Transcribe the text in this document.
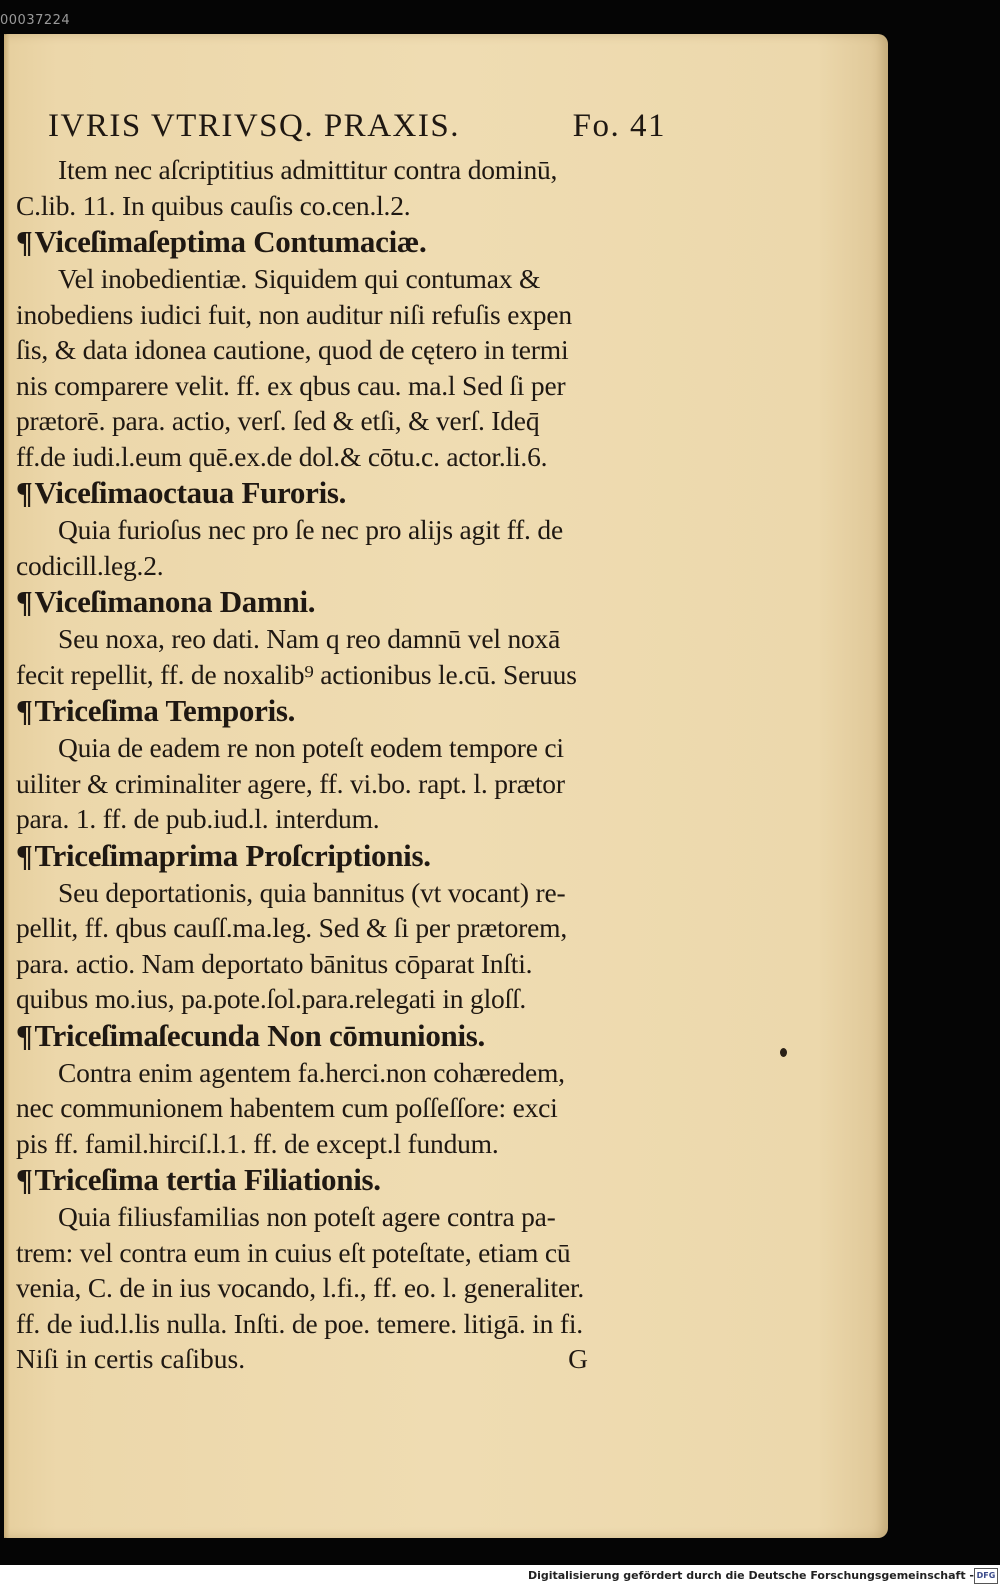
00037224
IVRIS VTRIVSQ. PRAXIS.	Fo. 41
Item nec aſcriptitius admittitur contra dominū,
C.lib. 11. In quibus cauſis co.cen.l.2.
¶Viceſimaſeptima Contumaciæ.
Vel inobedientiæ. Siquidem qui contumax &
inobediens iudici fuit, non auditur niſi refuſis expen
ſis, & data idonea cautione, quod de cętero in termi
nis comparere velit. ff. ex qbus cau. ma.l Sed ſi per
prætorē. para. actio, verſ. ſed & etſi, & verſ. Ideq̄
ff.de iudi.l.eum quē.ex.de dol.& cōtu.c. actor.li.6.
¶Viceſimaoctaua Furoris.
Quia furioſus nec pro ſe nec pro alijs agit ff. de
codicill.leg.2.
¶Viceſimanona Damni.
Seu noxa, reo dati. Nam q reo damnū vel noxā
fecit repellit, ff. de noxalib⁹ actionibus le.cū. Seruus
¶Triceſima Temporis.
Quia de eadem re non poteſt eodem tempore ci
uiliter & criminaliter agere, ff. vi.bo. rapt. l. prætor
para. 1. ff. de pub.iud.l. interdum.
¶Triceſimaprima Proſcriptionis.
Seu deportationis, quia bannitus (vt vocant) re-
pellit, ff. qbus cauſſ.ma.leg. Sed & ſi per prætorem,
para. actio. Nam deportato bānitus cōparat Inſti.
quibus mo.ius, pa.pote.ſol.para.relegati in gloſſ.
¶Triceſimaſecunda Non cōmunionis.
Contra enim agentem fa.herci.non cohæredem,
nec communionem habentem cum poſſeſſore: exci
pis ff. famil.hirciſ.l.1. ff. de except.l fundum.
¶Triceſima tertia Filiationis.
Quia filiusfamilias non poteſt agere contra pa-
trem: vel contra eum in cuius eſt poteſtate, etiam cū
venia, C. de in ius vocando, l.fi., ff. eo. l. generaliter.
ff. de iud.l.lis nulla. Inſti. de poe. temere. litigā. in fi.
Niſi in certis caſibus.	G
Digitalisierung gefördert durch die Deutsche Forschungsgemeinschaft - DFG
